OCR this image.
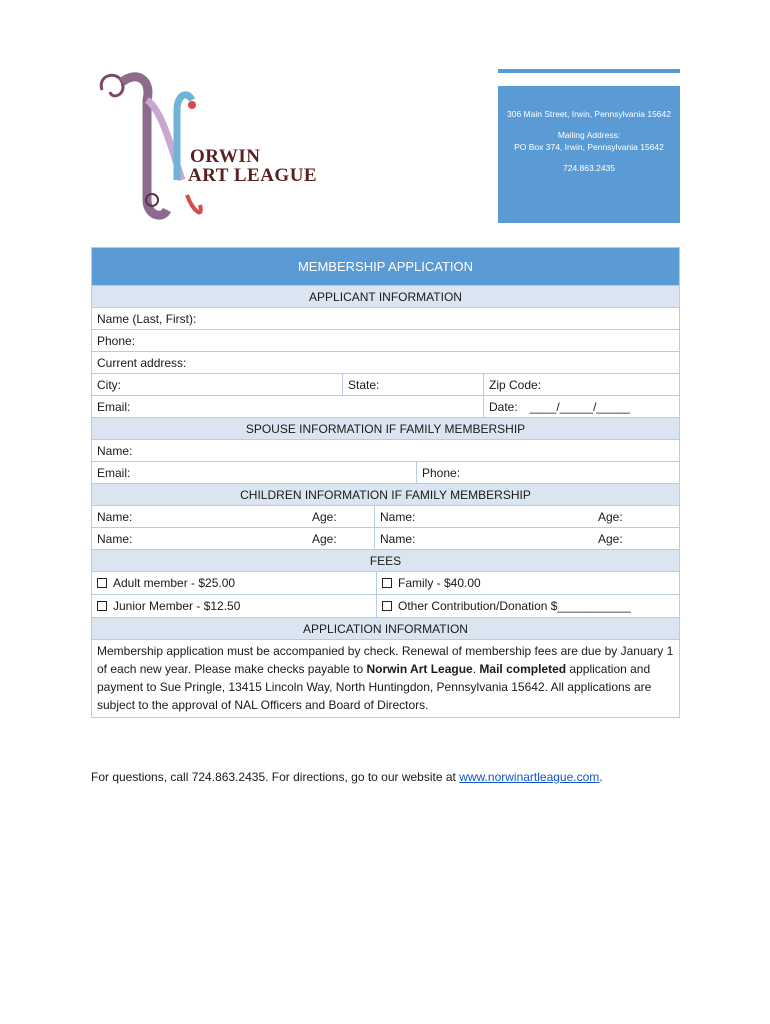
ORWIN
ART LEAGUE

306 Main Street, Irwin, Pennsylvania 15642

Mailing Address:

PO Box 374, Irwin, Pennsylvania 15642

724.863.2435

MEMBERSHIP APPLICATION
APPLICANT INFORMATION
Name (Last, First):
Phone:
Current address:
City:	State:	Zip Code:
Email:	Date: ____/_____/_____
SPOUSE INFORMATION IF FAMILY MEMBERSHIP
Name:
Email:	Phone:
CHILDREN INFORMATION IF FAMILY MEMBERSHIP
Name:	Age:	Name:	Age:
Name:	Age:	Name:	Age:
FEES
Adult member - $25.00	Family - $40.00
Junior Member - $12.50	Other Contribution/Donation $___________
APPLICATION INFORMATION
Membership application must be accompanied by check. Renewal of membership fees are due by January 1 of each new year. Please make checks payable to Norwin Art League. Mail completed application and payment to Sue Pringle, 13415 Lincoln Way, North Huntingdon, Pennsylvania 15642. All applications are subject to the approval of NAL Officers and Board of Directors.
For questions, call 724.863.2435. For directions, go to our website at www.norwinartleague.com.
